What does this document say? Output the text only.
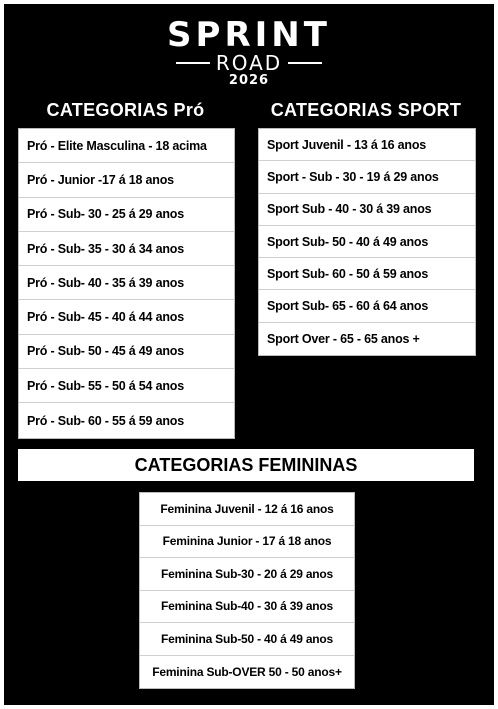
SPRINT
ROAD
2026
CATEGORIAS Pró	CATEGORIAS SPORT
Pró - Elite Masculina - 18 acima
Pró - Junior -17 á 18 anos
Pró - Sub- 30 - 25 á 29 anos
Pró - Sub- 35 - 30 á 34 anos
Pró - Sub- 40 - 35 á 39 anos
Pró - Sub- 45 - 40 á 44 anos
Pró - Sub- 50 - 45 á 49 anos
Pró - Sub- 55 - 50 á 54 anos
Pró - Sub- 60 - 55 á 59 anos
Sport Juvenil - 13 á 16 anos
Sport - Sub - 30 - 19 á 29 anos
Sport Sub - 40 - 30 á 39 anos
Sport Sub- 50 - 40 á 49 anos
Sport Sub- 60 - 50 á 59 anos
Sport Sub- 65 - 60 á 64 anos
Sport Over - 65 - 65 anos +
CATEGORIAS FEMININAS
Feminina Juvenil - 12 á 16 anos
Feminina Junior - 17 á 18 anos
Feminina Sub-30 - 20 á 29 anos
Feminina Sub-40 - 30 á 39 anos
Feminina Sub-50 - 40 á 49 anos
Feminina Sub-OVER 50 - 50 anos+
